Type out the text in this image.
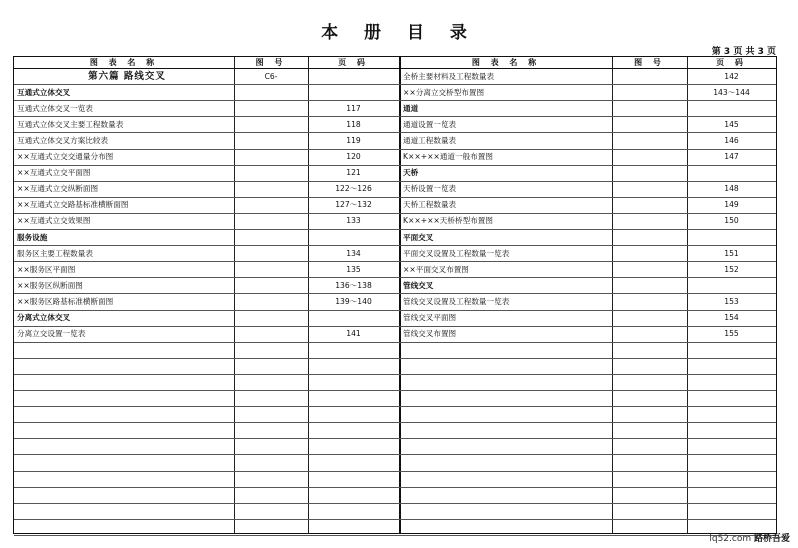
本 册 目 录
第 3 页 共 3 页
图 表 名 称	图 号	页 码	图 表 名 称	图 号	页 码
第六篇 路线交叉	C6-
互通式立体交叉
互通式立体交叉一览表	117
互通式立体交叉主要工程数量表	118
互通式立体交叉方案比较表	119
××互通式立交交通量分布图	120
××互通式立交平面图	121
××互通式立交纵断面图	122～126
××互通式立交路基标准横断面图	127～132
××互通式立交效果图	133
服务设施
服务区主要工程数量表	134
××服务区平面图	135
××服务区纵断面图	136～138
××服务区路基标准横断面图	139～140
分离式立体交叉
分离立交设置一览表	141
全桥主要材料及工程数量表	142
××分离立交桥型布置图	143～144
通道
通道设置一览表	145
通道工程数量表	146
K××+××通道一般布置图	147
天桥
天桥设置一览表	148
天桥工程数量表	149
K××+××天桥桥型布置图	150
平面交叉
平面交叉设置及工程数量一览表	151
××平面交叉布置图	152
管线交叉
管线交叉设置及工程数量一览表	153
管线交叉平面图	154
管线交叉布置图	155
lq52.com 路桥吾爱
